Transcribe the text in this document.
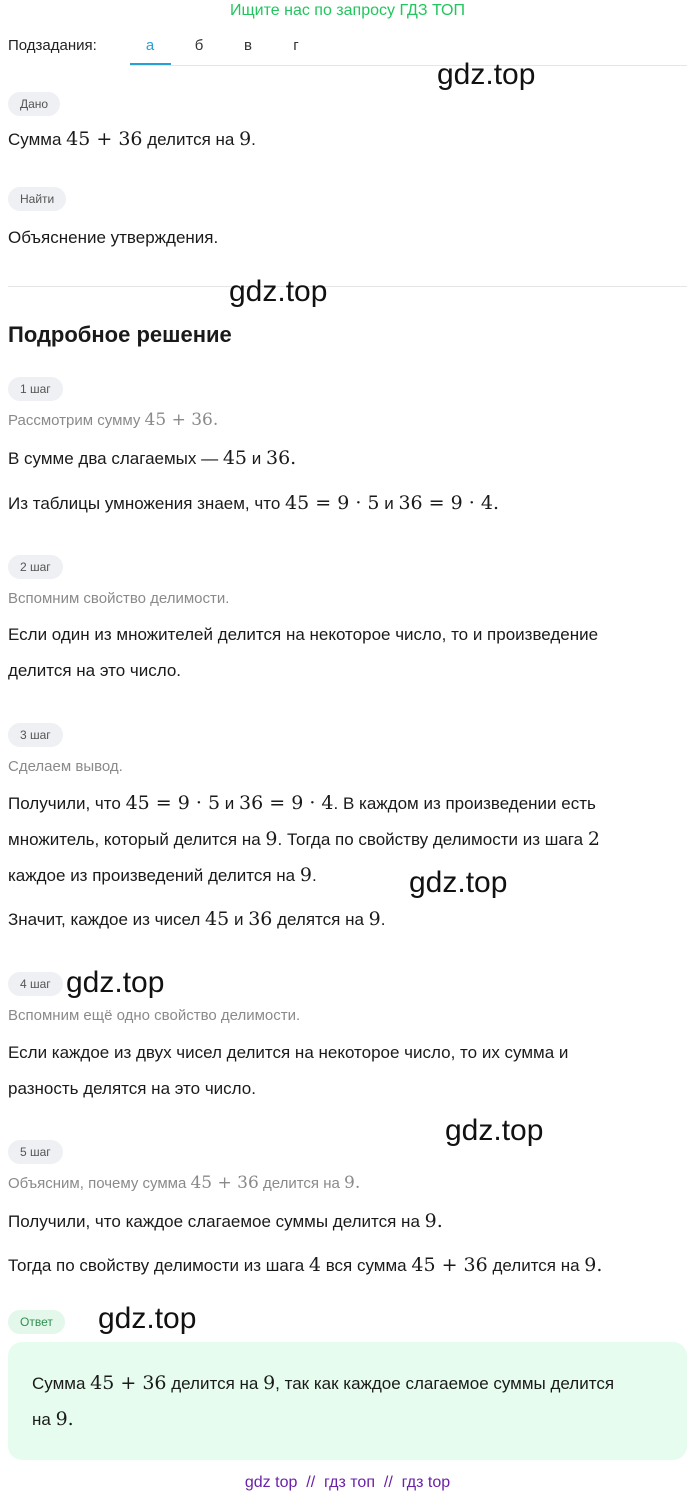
Ищите нас по запросу ГДЗ ТОП
Подзадания:	а	б	в	г
Дано
Сумма 45 + 36 делится на 9.
Найти
Объяснение утверждения.
Подробное решение
1 шаг
Рассмотрим сумму 45 + 36.
В сумме два слагаемых — 45 и 36.
Из таблицы умножения знаем, что 45 = 9 · 5 и 36 = 9 · 4.
2 шаг
Вспомним свойство делимости.
Если один из множителей делится на некоторое число, то и произведение
делится на это число.
3 шаг
Сделаем вывод.
Получили, что 45 = 9 · 5 и 36 = 9 · 4. В каждом из произведении есть
множитель, который делится на 9. Тогда по свойству делимости из шага 2
каждое из произведений делится на 9.
Значит, каждое из чисел 45 и 36 делятся на 9.
4 шаг
Вспомним ещё одно свойство делимости.
Если каждое из двух чисел делится на некоторое число, то их сумма и
разность делятся на это число.
5 шаг
Объясним, почему сумма 45 + 36 делится на 9.
Получили, что каждое слагаемое суммы делится на 9.
Тогда по свойству делимости из шага 4 вся сумма 45 + 36 делится на 9.
Ответ
Сумма 45 + 36 делится на 9, так как каждое слагаемое суммы делится
на 9.
gdz.top
gdz.top
gdz.top
gdz.top
gdz.top
gdz.top
gdz top  //  гдз топ  //  гдз top
